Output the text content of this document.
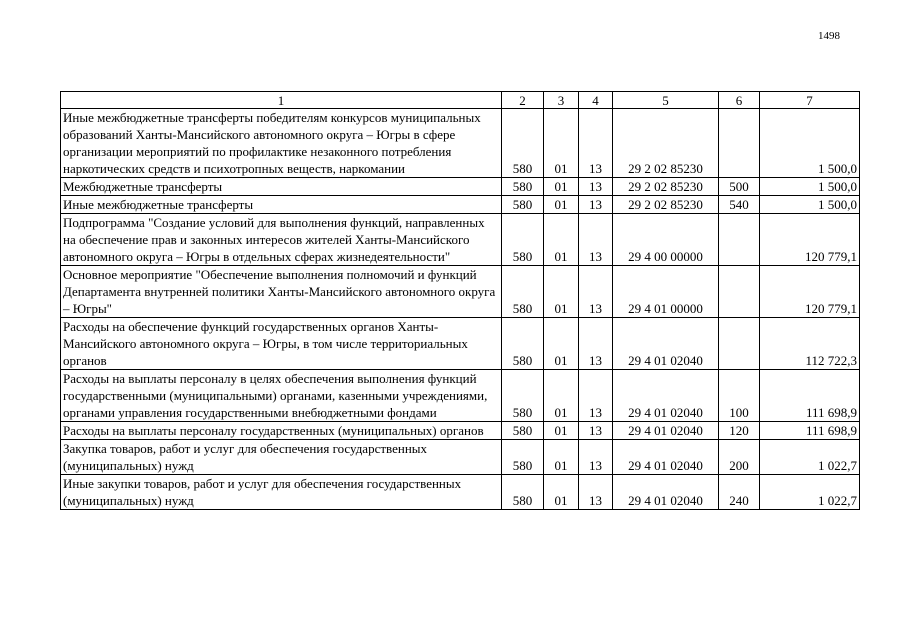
1498
1	2	3	4	5	6	7
Иные межбюджетные трансферты победителям конкурсов муниципальных образований Ханты-Мансийского автономного округа – Югры в сфере организации мероприятий по профилактике незаконного потребления наркотических средств и психотропных веществ, наркомании	580	01	13	29 2 02 85230		1 500,0
Межбюджетные трансферты	580	01	13	29 2 02 85230	500	1 500,0
Иные межбюджетные трансферты	580	01	13	29 2 02 85230	540	1 500,0
Подпрограмма "Создание условий для выполнения функций, направленных на обеспечение прав и законных интересов жителей Ханты-Мансийского автономного округа – Югры в отдельных сферах жизнедеятельности"	580	01	13	29 4 00 00000		120 779,1
Основное мероприятие "Обеспечение выполнения полномочий и функций Департамента внутренней политики Ханты-Мансийского автономного округа – Югры"	580	01	13	29 4 01 00000		120 779,1
Расходы на обеспечение функций государственных органов Ханты-Мансийского автономного округа – Югры, в том числе территориальных органов	580	01	13	29 4 01 02040		112 722,3
Расходы на выплаты персоналу в целях обеспечения выполнения функций государственными (муниципальными) органами, казенными учреждениями, органами управления государственными внебюджетными фондами	580	01	13	29 4 01 02040	100	111 698,9
Расходы на выплаты персоналу государственных (муниципальных) органов	580	01	13	29 4 01 02040	120	111 698,9
Закупка товаров, работ и услуг для обеспечения государственных (муниципальных) нужд	580	01	13	29 4 01 02040	200	1 022,7
Иные закупки товаров, работ и услуг для обеспечения государственных (муниципальных) нужд	580	01	13	29 4 01 02040	240	1 022,7
